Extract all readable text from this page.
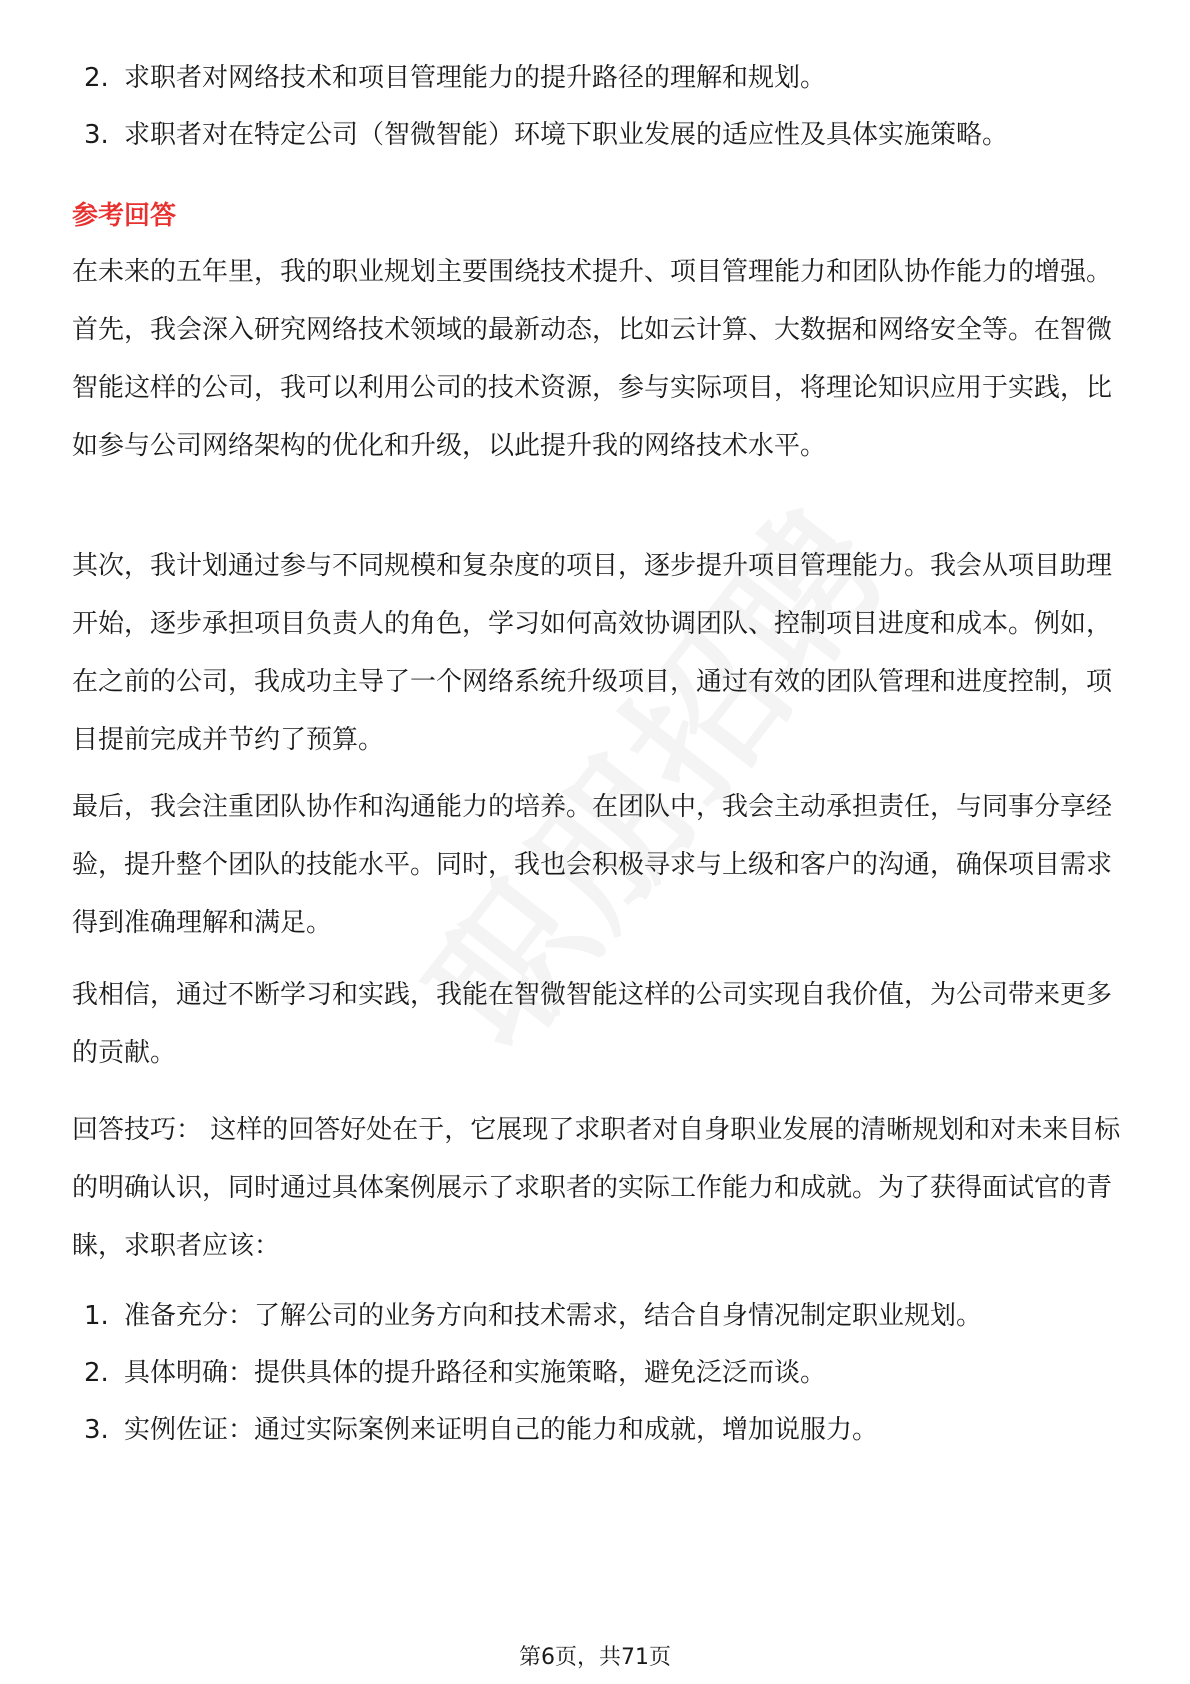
2. 求职者对网络技术和项目管理能力的提升路径的理解和规划。
3. 求职者对在特定公司（智微智能）环境下职业发展的适应性及具体实施策略。
参考回答

在未来的五年里，我的职业规划主要围绕技术提升、项目管理能力和团队协作能力的增强。首先，我会深入研究网络技术领域的最新动态，比如云计算、大数据和网络安全等。在智微智能这样的公司，我可以利用公司的技术资源，参与实际项目，将理论知识应用于实践，比如参与公司网络架构的优化和升级，以此提升我的网络技术水平。

其次，我计划通过参与不同规模和复杂度的项目，逐步提升项目管理能力。我会从项目助理开始，逐步承担项目负责人的角色，学习如何高效协调团队、控制项目进度和成本。例如，在之前的公司，我成功主导了一个网络系统升级项目，通过有效的团队管理和进度控制，项目提前完成并节约了预算。

最后，我会注重团队协作和沟通能力的培养。在团队中，我会主动承担责任，与同事分享经验，提升整个团队的技能水平。同时，我也会积极寻求与上级和客户的沟通，确保项目需求得到准确理解和满足。

我相信，通过不断学习和实践，我能在智微智能这样的公司实现自我价值，为公司带来更多的贡献。

回答技巧： 这样的回答好处在于，它展现了求职者对自身职业发展的清晰规划和对未来目标的明确认识，同时通过具体案例展示了求职者的实际工作能力和成就。为了获得面试官的青睐，求职者应该：

1. 准备充分：了解公司的业务方向和技术需求，结合自身情况制定职业规划。
2. 具体明确：提供具体的提升路径和实施策略，避免泛泛而谈。
3. 实例佐证：通过实际案例来证明自己的能力和成就，增加说服力。
第6页，共71页
